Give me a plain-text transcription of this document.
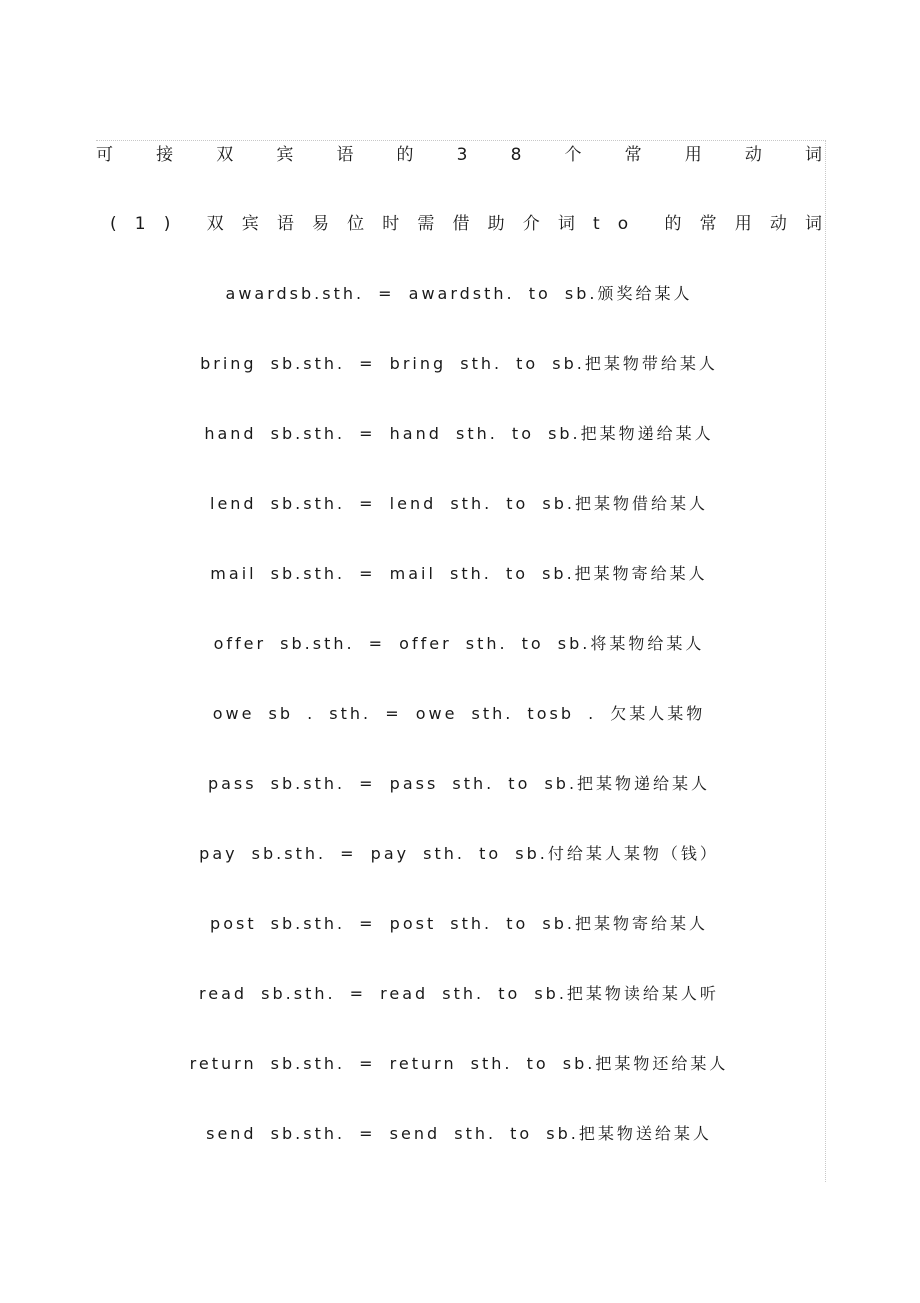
可	接	双	宾	语	的	3	8	个	常	用	动	词
( 1 ) 双 宾 语 易 位 时 需 借 助 介 词 t o 的 常 用 动 词
awardsb.sth. = awardsth. to sb.颁奖给某人
bring sb.sth. = bring sth. to sb.把某物带给某人
hand sb.sth. = hand sth. to sb.把某物递给某人
lend sb.sth. = lend sth. to sb.把某物借给某人
mail sb.sth. = mail sth. to sb.把某物寄给某人
offer sb.sth. = offer sth. to sb.将某物给某人
owe sb . sth. = owe sth. tosb . 欠某人某物
pass sb.sth. = pass sth. to sb.把某物递给某人
pay sb.sth. = pay sth. to sb.付给某人某物（钱）
post sb.sth. = post sth. to sb.把某物寄给某人
read sb.sth. = read sth. to sb.把某物读给某人听
return sb.sth. = return sth. to sb.把某物还给某人
send sb.sth. = send sth. to sb.把某物送给某人
